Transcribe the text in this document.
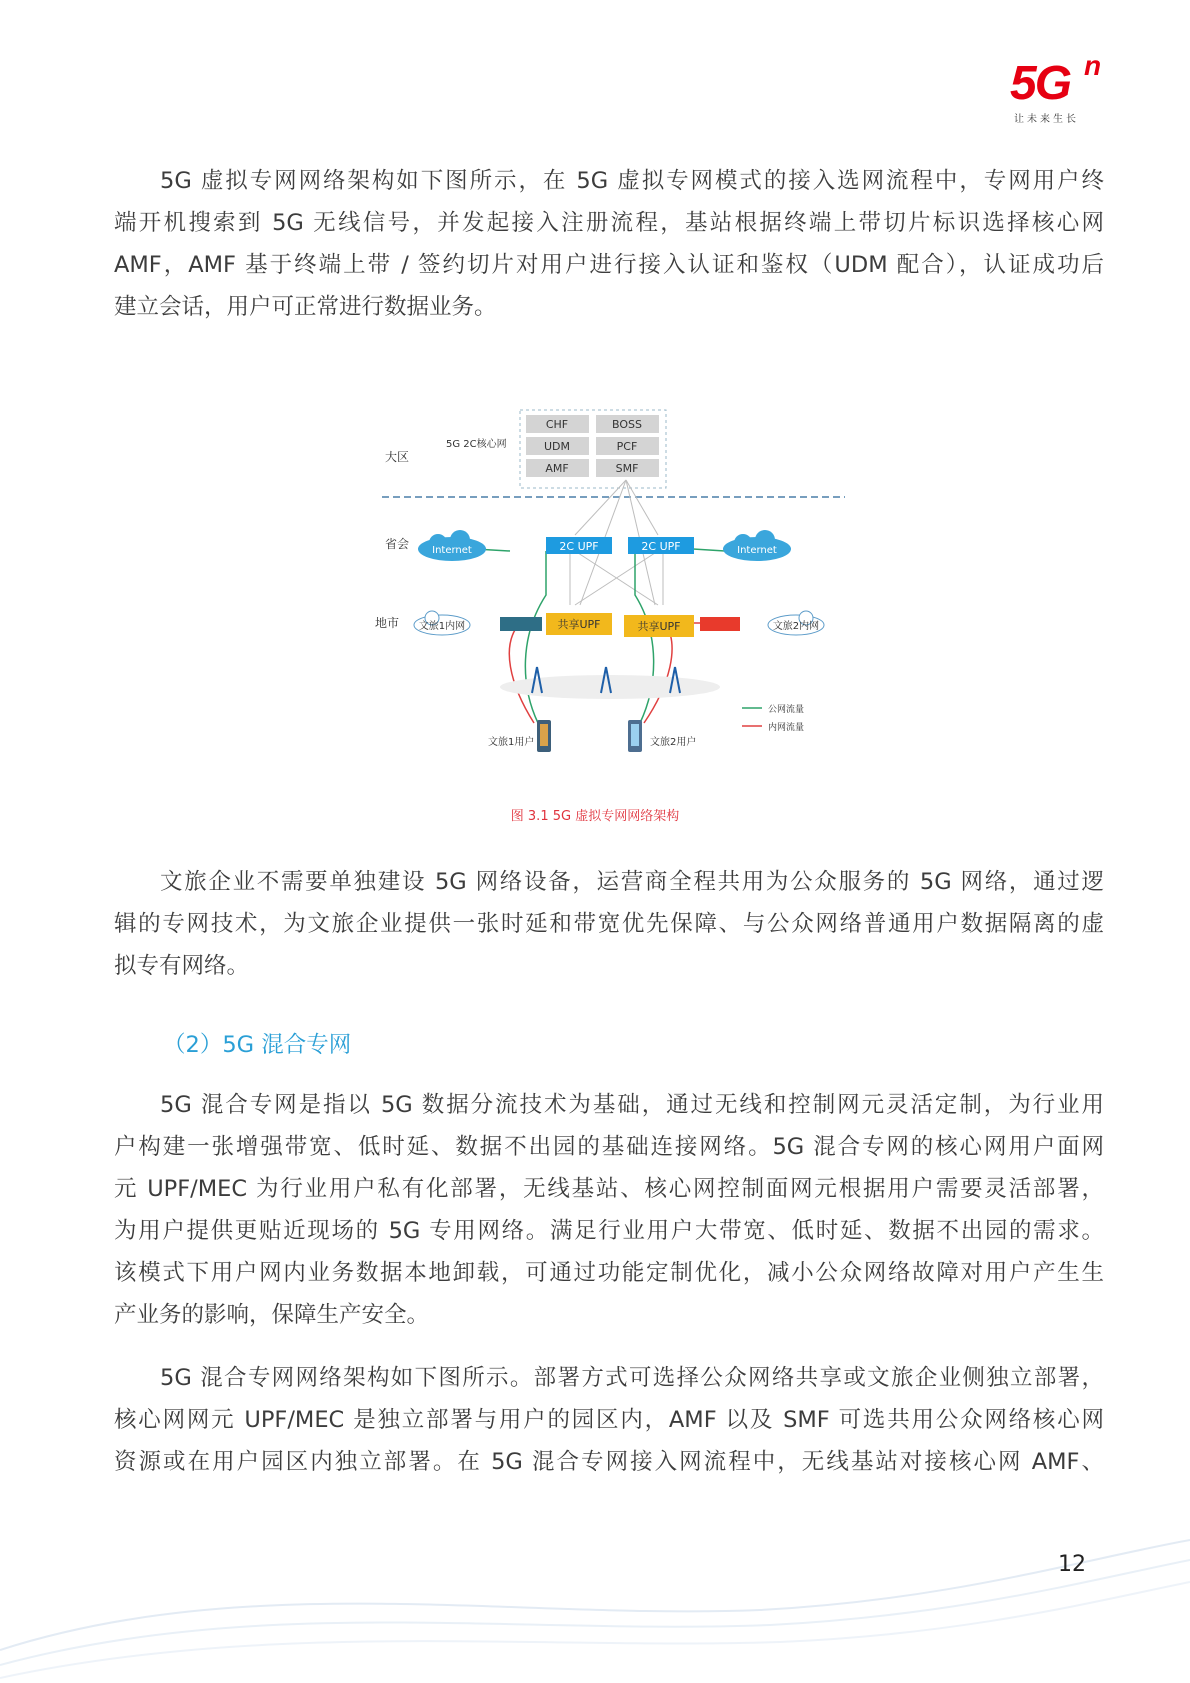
5G n
让未来生长

5G 虚拟专网网络架构如下图所示，在 5G 虚拟专网模式的接入选网流程中，专网用户终
端开机搜索到 5G 无线信号，并发起接入注册流程，基站根据终端上带切片标识选择核心网
AMF，AMF 基于终端上带 / 签约切片对用户进行接入认证和鉴权（UDM 配合），认证成功后
建立会话，用户可正常进行数据业务。

CHF	BOSS
UDM	PCF
AMF	SMF
5G 2C核心网
大区
省会
地市
Internet	Internet
2C UPF	2C UPF
文旅1内网	文旅2内网
共享UPF	共享UPF
文旅1用户	文旅2用户
公网流量
内网流量
图 3.1 5G 虚拟专网网络架构

文旅企业不需要单独建设 5G 网络设备，运营商全程共用为公众服务的 5G 网络，通过逻
辑的专网技术，为文旅企业提供一张时延和带宽优先保障、与公众网络普通用户数据隔离的虚
拟专有网络。

（2）5G 混合专网

5G 混合专网是指以 5G 数据分流技术为基础，通过无线和控制网元灵活定制，为行业用
户构建一张增强带宽、低时延、数据不出园的基础连接网络。5G 混合专网的核心网用户面网
元 UPF/MEC 为行业用户私有化部署，无线基站、核心网控制面网元根据用户需要灵活部署，
为用户提供更贴近现场的 5G 专用网络。满足行业用户大带宽、低时延、数据不出园的需求。
该模式下用户网内业务数据本地卸载，可通过功能定制优化，减小公众网络故障对用户产生生
产业务的影响，保障生产安全。

5G 混合专网网络架构如下图所示。部署方式可选择公众网络共享或文旅企业侧独立部署，
核心网网元 UPF/MEC 是独立部署与用户的园区内，AMF 以及 SMF 可选共用公众网络核心网
资源或在用户园区内独立部署。在 5G 混合专网接入网流程中，无线基站对接核心网 AMF、

12
